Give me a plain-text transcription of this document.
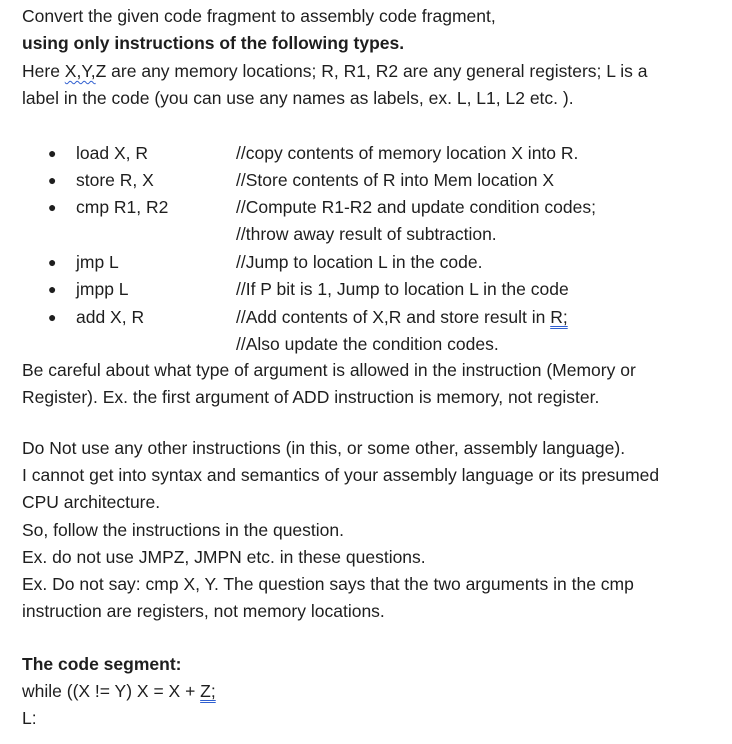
Convert the given code fragment to assembly code fragment,
using only instructions of the following types.
Here X,Y,Z are any memory locations; R, R1, R2 are any general registers; L is a
label in the code (you can use any names as labels, ex. L, L1, L2 etc. ).
● load X, R	//copy contents of memory location X into R.
● store R, X	//Store contents of R into Mem location X
● cmp R1, R2	//Compute R1-R2 and update condition codes;
//throw away result of subtraction.
● jmp L	//Jump to location L in the code.
● jmpp L	//If P bit is 1, Jump to location L in the code
● add X, R	//Add contents of X,R and store result in R;
//Also update the condition codes.
Be careful about what type of argument is allowed in the instruction (Memory or
Register). Ex. the first argument of ADD instruction is memory, not register.
Do Not use any other instructions (in this, or some other, assembly language).
I cannot get into syntax and semantics of your assembly language or its presumed
CPU architecture.
So, follow the instructions in the question.
Ex. do not use JMPZ, JMPN etc. in these questions.
Ex. Do not say: cmp X, Y. The question says that the two arguments in the cmp
instruction are registers, not memory locations.
The code segment:
while ((X != Y) X = X + Z;
L:
